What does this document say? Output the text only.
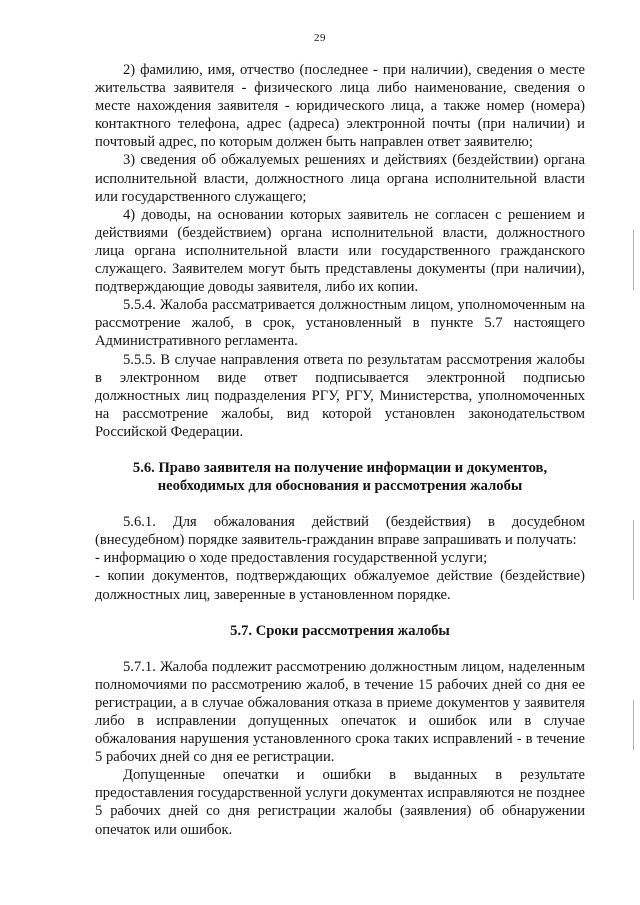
29

2) фамилию, имя, отчество (последнее - при наличии), сведения о месте жительства заявителя - физического лица либо наименование, сведения о месте нахождения заявителя - юридического лица, а также номер (номера) контактного телефона, адрес (адреса) электронной почты (при наличии) и почтовый адрес, по которым должен быть направлен ответ заявителю;

3) сведения об обжалуемых решениях и действиях (бездействии) органа исполнительной власти, должностного лица органа исполнительной власти или государственного служащего;

4) доводы, на основании которых заявитель не согласен с решением и действиями (бездействием) органа исполнительной власти, должностного лица органа исполнительной власти или государственного гражданского служащего. Заявителем могут быть представлены документы (при наличии), подтверждающие доводы заявителя, либо их копии.

5.5.4. Жалоба рассматривается должностным лицом, уполномоченным на рассмотрение жалоб, в срок, установленный в пункте 5.7 настоящего Административного регламента.

5.5.5. В случае направления ответа по результатам рассмотрения жалобы в электронном виде ответ подписывается электронной подписью должностных лиц подразделения РГУ, РГУ, Министерства, уполномоченных на рассмотрение жалобы, вид которой установлен законодательством Российской Федерации.

5.6. Право заявителя на получение информации и документов,

необходимых для обоснования и рассмотрения жалобы

5.6.1. Для обжалования действий (бездействия) в досудебном (внесудебном) порядке заявитель-гражданин вправе запрашивать и получать:

- информацию о ходе предоставления государственной услуги;

- копии документов, подтверждающих обжалуемое действие (бездействие) должностных лиц, заверенные в установленном порядке.

5.7. Сроки рассмотрения жалобы

5.7.1. Жалоба подлежит рассмотрению должностным лицом, наделенным полномочиями по рассмотрению жалоб, в течение 15 рабочих дней со дня ее регистрации, а в случае обжалования отказа в приеме документов у заявителя либо в исправлении допущенных опечаток и ошибок или в случае обжалования нарушения установленного срока таких исправлений - в течение 5 рабочих дней со дня ее регистрации.

Допущенные опечатки и ошибки в выданных в результате предоставления государственной услуги документах исправляются не позднее 5 рабочих дней со дня регистрации жалобы (заявления) об обнаружении опечаток или ошибок.
